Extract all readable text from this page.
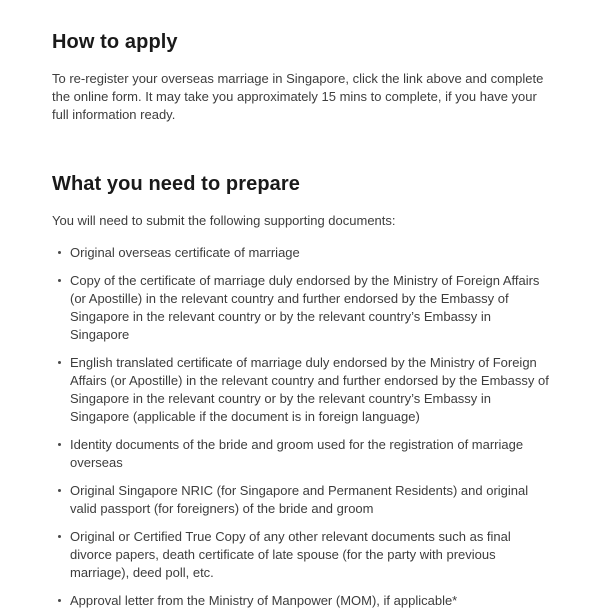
How to apply

To re-register your overseas marriage in Singapore, click the link above and complete the online form. It may take you approximately 15 mins to complete, if you have your full information ready.

What you need to prepare

You will need to submit the following supporting documents:

Original overseas certificate of marriage
Copy of the certificate of marriage duly endorsed by the Ministry of Foreign Affairs (or Apostille) in the relevant country and further endorsed by the Embassy of Singapore in the relevant country or by the relevant country’s Embassy in Singapore
English translated certificate of marriage duly endorsed by the Ministry of Foreign Affairs (or Apostille) in the relevant country and further endorsed by the Embassy of Singapore in the relevant country or by the relevant country’s Embassy in Singapore (applicable if the document is in foreign language)
Identity documents of the bride and groom used for the registration of marriage overseas
Original Singapore NRIC (for Singapore and Permanent Residents) and original valid passport (for foreigners) of the bride and groom
Original or Certified True Copy of any other relevant documents such as final divorce papers, death certificate of late spouse (for the party with previous marriage), deed poll, etc.
Approval letter from the Ministry of Manpower (MOM), if applicable*
